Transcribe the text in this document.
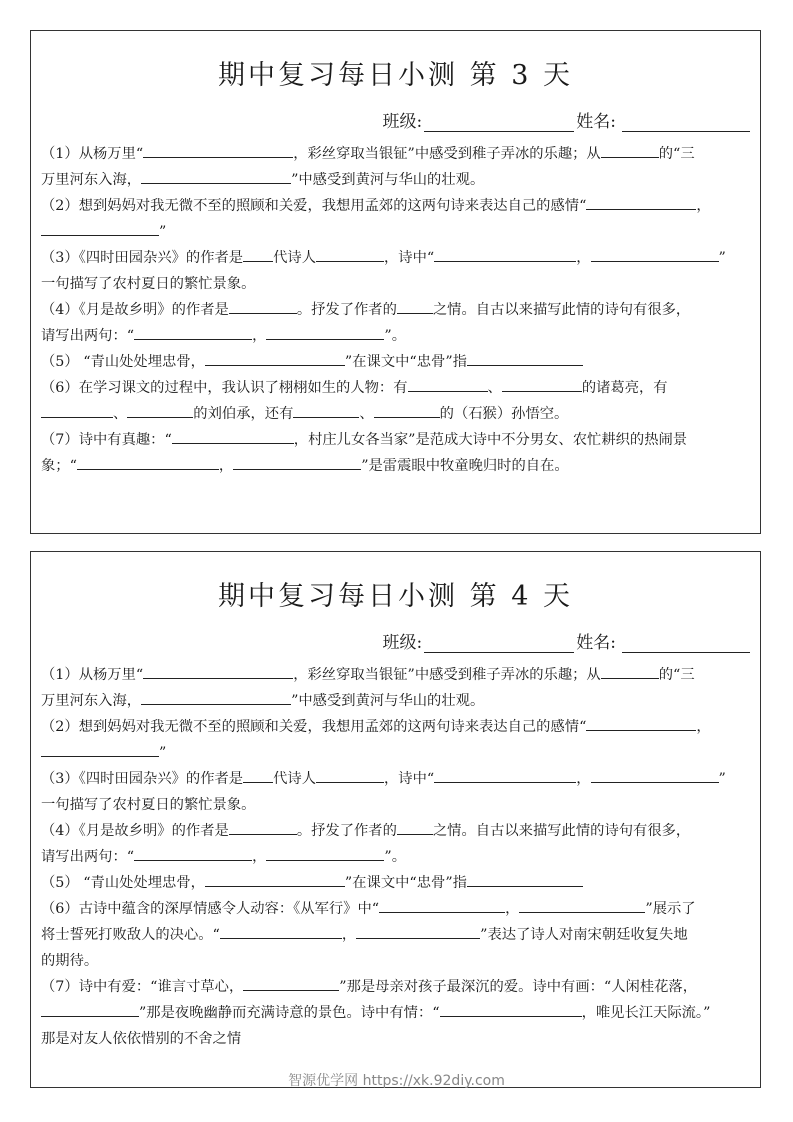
期中复习每日小测 第 3 天
班级:	姓名:

（1）从杨万里“	，彩丝穿取当银钲”中感受到稚子弄冰的乐趣；从	的“三
万里河东入海，	”中感受到黄河与华山的壮观。

（2）想到妈妈对我无微不至的照顾和关爱，我想用孟郊的这两句诗来表达自己的感情“	，
”

（3）《四时田园杂兴》的作者是 代诗人	，诗中“	，	”
一句描写了农村夏日的繁忙景象。

（4）《月是故乡明》的作者是	。抒发了作者的	之情。自古以来描写此情的诗句有很多，
请写出两句：“	，	”。

（5） “青山处处埋忠骨，	”在课文中“忠骨”指

（6）在学习课文的过程中，我认识了栩栩如生的人物：有	、	的诸葛亮，有
、	的刘伯承，还有	、	的（石猴）孙悟空。

（7）诗中有真趣：“	，村庄儿女各当家”是范成大诗中不分男女、农忙耕织的热闹景
象；“	，	”是雷震眼中牧童晚归时的自在。

期中复习每日小测 第 4 天
班级:	姓名:

（1）从杨万里“	，彩丝穿取当银钲”中感受到稚子弄冰的乐趣；从	的“三
万里河东入海，	”中感受到黄河与华山的壮观。

（2）想到妈妈对我无微不至的照顾和关爱，我想用孟郊的这两句诗来表达自己的感情“	，
”

（3）《四时田园杂兴》的作者是 代诗人	，诗中“	，	”
一句描写了农村夏日的繁忙景象。

（4）《月是故乡明》的作者是	。抒发了作者的	之情。自古以来描写此情的诗句有很多，
请写出两句：“	，	”。

（5） “青山处处埋忠骨，	”在课文中“忠骨”指

（6）古诗中蕴含的深厚情感令人动容：《从军行》中“	，	”展示了
将士誓死打败敌人的决心。“	，	”表达了诗人对南宋朝廷收复失地
的期待。

（7）诗中有爱：“谁言寸草心，	”那是母亲对孩子最深沉的爱。诗中有画：“人闲桂花落，
”那是夜晚幽静而充满诗意的景色。诗中有情：“	，唯见长江天际流。”
那是对友人依依惜别的不舍之情

智源优学网 https://xk.92diy.com
